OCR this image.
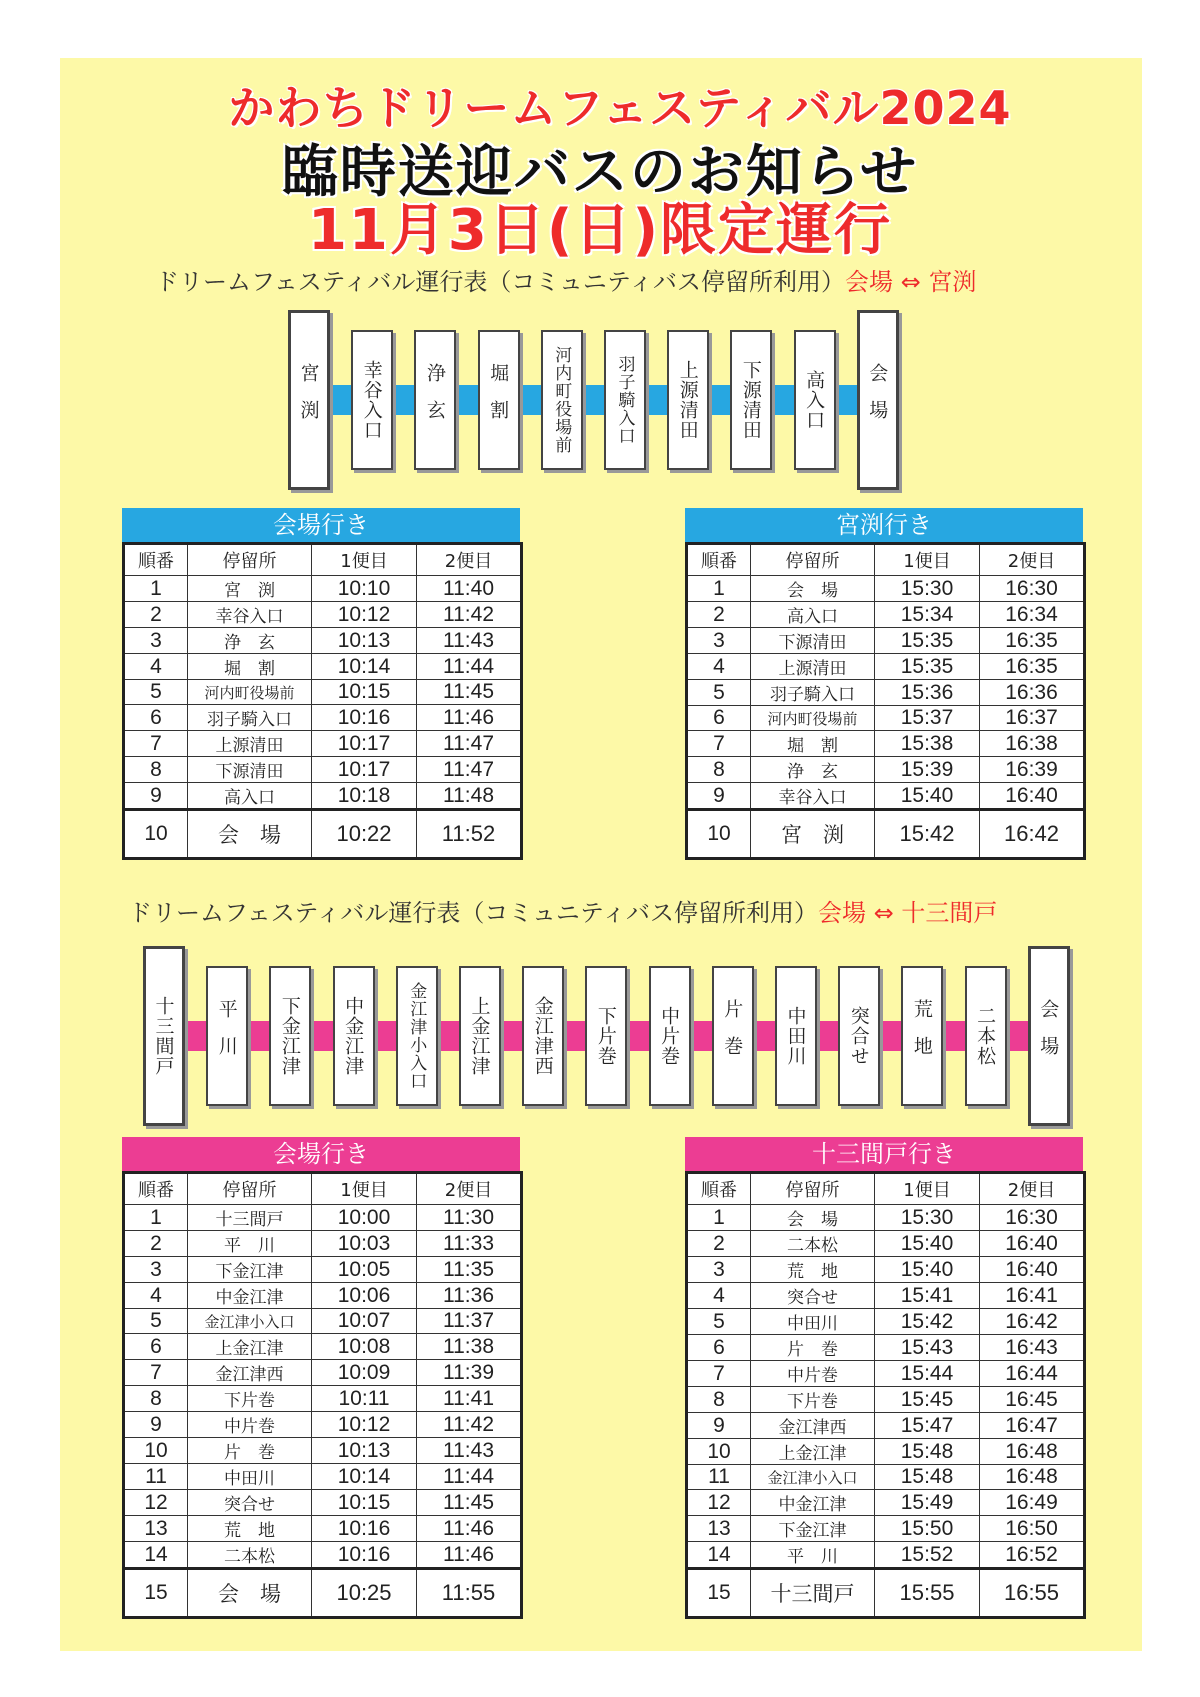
かわちドリームフェスティバル2024
臨時送迎バスのお知らせ
11月3日(日)限定運行
ドリームフェスティバル運行表（コミュニティバス停留所利用）会場 ⇔ 宮渕
宮渕 幸谷入口 浄玄 堀割 河内町役場前	羽子騎入口 上源清田 下源清田 高入口 会場
会場行き
順番	停留所	1便目	2便目
1	宮　渕	10:10	11:40
2	幸谷入口	10:12	11:42
3	浄　玄	10:13	11:43
4	堀　割	10:14	11:44
5	河内町役場前	10:15	11:45
6	羽子騎入口	10:16	11:46
7	上源清田	10:17	11:47
8	下源清田	10:17	11:47
9	高入口	10:18	11:48
10	会　場	10:22	11:52
宮渕行き
順番	停留所	1便目	2便目
1	会　場	15:30	16:30
2	高入口	15:34	16:34
3	下源清田	15:35	16:35
4	上源清田	15:35	16:35
5	羽子騎入口	15:36	16:36
6	河内町役場前	15:37	16:37
7	堀　割	15:38	16:38
8	浄　玄	15:39	16:39
9	幸谷入口	15:40	16:40
10	宮　渕	15:42	16:42
ドリームフェスティバル運行表（コミュニティバス停留所利用）会場 ⇔ 十三間戸
十三間戸 平川 下金江津 中金江津 金江津小入口 上金江津 金江津西 下片巻 中片巻 片巻 中田川 突合せ 荒地 二本松 会場
会場行き
順番	停留所	1便目	2便目
1	十三間戸	10:00	11:30
2	平　川	10:03	11:33
3	下金江津	10:05	11:35
4	中金江津	10:06	11:36
5	金江津小入口	10:07	11:37
6	上金江津	10:08	11:38
7	金江津西	10:09	11:39
8	下片巻	10:11	11:41
9	中片巻	10:12	11:42
10	片　巻	10:13	11:43
11	中田川	10:14	11:44
12	突合せ	10:15	11:45
13	荒　地	10:16	11:46
14	二本松	10:16	11:46
15	会　場	10:25	11:55
十三間戸行き
順番	停留所	1便目	2便目
1	会　場	15:30	16:30
2	二本松	15:40	16:40
3	荒　地	15:40	16:40
4	突合せ	15:41	16:41
5	中田川	15:42	16:42
6	片　巻	15:43	16:43
7	中片巻	15:44	16:44
8	下片巻	15:45	16:45
9	金江津西	15:47	16:47
10	上金江津	15:48	16:48
11	金江津小入口	15:48	16:48
12	中金江津	15:49	16:49
13	下金江津	15:50	16:50
14	平　川	15:52	16:52
15	十三間戸	15:55	16:55
